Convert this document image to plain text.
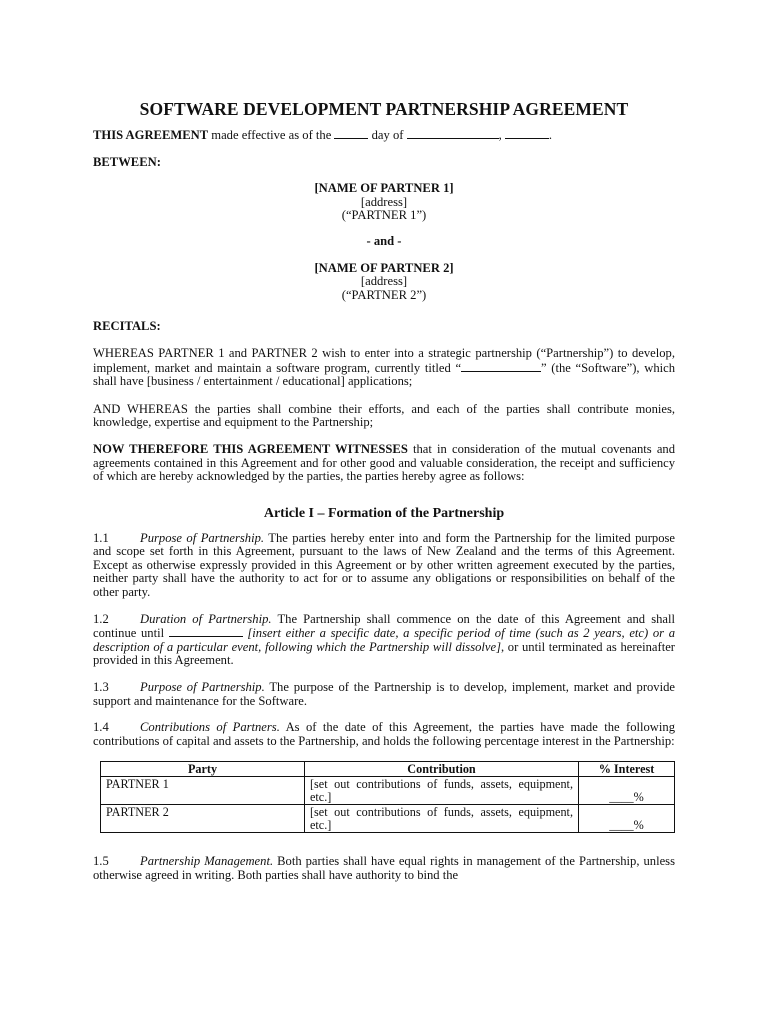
SOFTWARE DEVELOPMENT PARTNERSHIP AGREEMENT
THIS AGREEMENT made effective as of the	day of	,	.
BETWEEN:
[NAME OF PARTNER 1]
[address]
(“PARTNER 1”)
- and -
[NAME OF PARTNER 2]
[address]
(“PARTNER 2”)
RECITALS:
WHEREAS PARTNER 1 and PARTNER 2 wish to enter into a strategic partnership (“Partnership”) to develop, implement, market and maintain a software program, currently titled “	” (the “Software”), which shall have [business / entertainment / educational] applications;
AND WHEREAS the parties shall combine their efforts, and each of the parties shall contribute monies, knowledge, expertise and equipment to the Partnership;
NOW THEREFORE THIS AGREEMENT WITNESSES that in consideration of the mutual covenants and agreements contained in this Agreement and for other good and valuable consideration, the receipt and sufficiency of which are hereby acknowledged by the parties, the parties hereby agree as follows:
Article I – Formation of the Partnership
1.1 Purpose of Partnership. The parties hereby enter into and form the Partnership for the limited purpose and scope set forth in this Agreement, pursuant to the laws of New Zealand and the terms of this Agreement. Except as otherwise expressly provided in this Agreement or by other written agreement executed by the parties, neither party shall have the authority to act for or to assume any obligations or responsibilities on behalf of the other party.
1.2 Duration of Partnership. The Partnership shall commence on the date of this Agreement and shall continue until	[insert either a specific date, a specific period of time (such as 2 years, etc) or a description of a particular event, following which the Partnership will dissolve], or until terminated as hereinafter provided in this Agreement.
1.3 Purpose of Partnership. The purpose of the Partnership is to develop, implement, market and provide support and maintenance for the Software.
1.4 Contributions of Partners. As of the date of this Agreement, the parties have made the following contributions of capital and assets to the Partnership, and holds the following percentage interest in the Partnership:
Party	Contribution	% Interest
PARTNER 1	[set out contributions of funds, assets, equipment, etc.]	____%
PARTNER 2	[set out contributions of funds, assets, equipment, etc.]	____%
1.5 Partnership Management. Both parties shall have equal rights in management of the Partnership, unless otherwise agreed in writing. Both parties shall have authority to bind the
